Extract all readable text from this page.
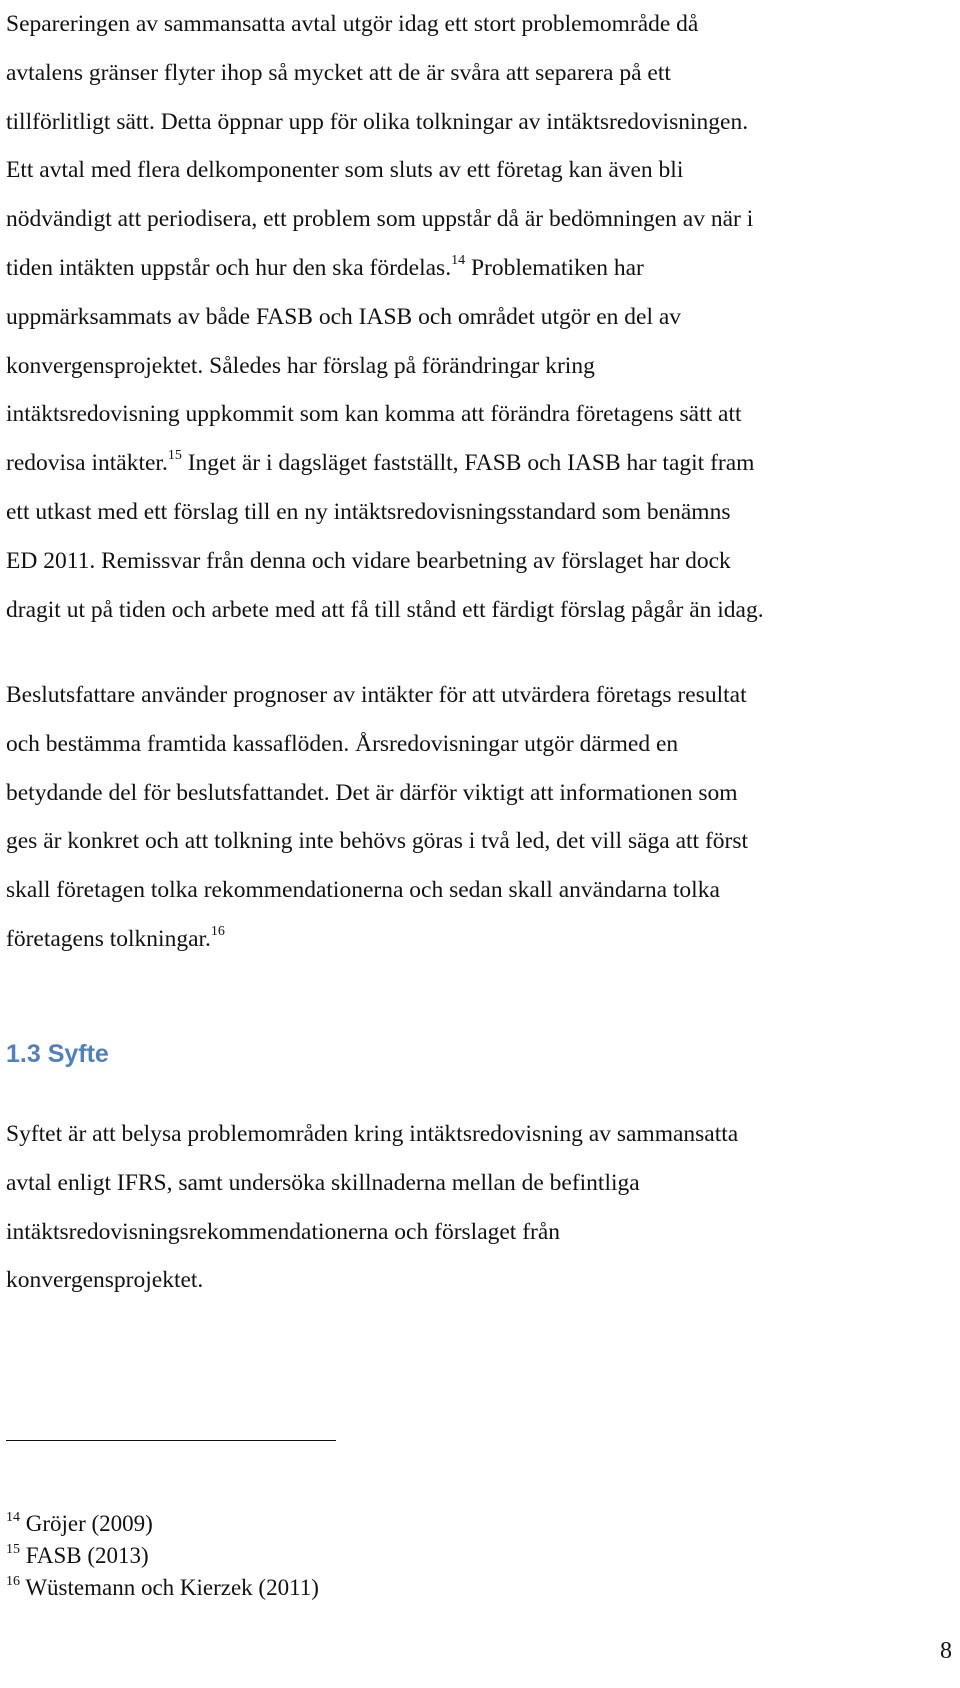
Separeringen av sammansatta avtal utgör idag ett stort problemområde då
avtalens gränser flyter ihop så mycket att de är svåra att separera på ett
tillförlitligt sätt. Detta öppnar upp för olika tolkningar av intäktsredovisningen.
Ett avtal med flera delkomponenter som sluts av ett företag kan även bli
nödvändigt att periodisera, ett problem som uppstår då är bedömningen av när i
tiden intäkten uppstår och hur den ska fördelas.$^{14}$ Problematiken har
uppmärksammats av både FASB och IASB och området utgör en del av
konvergensprojektet. Således har förslag på förändringar kring
intäktsredovisning uppkommit som kan komma att förändra företagens sätt att
redovisa intäkter.$^{15}$ Inget är i dagsläget fastställt, FASB och IASB har tagit fram
ett utkast med ett förslag till en ny intäktsredovisningsstandard som benämns
ED 2011. Remissvar från denna och vidare bearbetning av förslaget har dock
dragit ut på tiden och arbete med att få till stånd ett färdigt förslag pågår än idag.
Beslutsfattare använder prognoser av intäkter för att utvärdera företags resultat
och bestämma framtida kassaflöden. Årsredovisningar utgör därmed en
betydande del för beslutsfattandet. Det är därför viktigt att informationen som
ges är konkret och att tolkning inte behövs göras i två led, det vill säga att först
skall företagen tolka rekommendationerna och sedan skall användarna tolka
företagens tolkningar.$^{16}$
1.3 Syfte
Syftet är att belysa problemområden kring intäktsredovisning av sammansatta
avtal enligt IFRS, samt undersöka skillnaderna mellan de befintliga
intäktsredovisningsrekommendationerna och förslaget från
konvergensprojektet.
$^{14}$ Gröjer (2009)
$^{15}$ FASB (2013)
$^{16}$ Wüstemann och Kierzek (2011)
8
